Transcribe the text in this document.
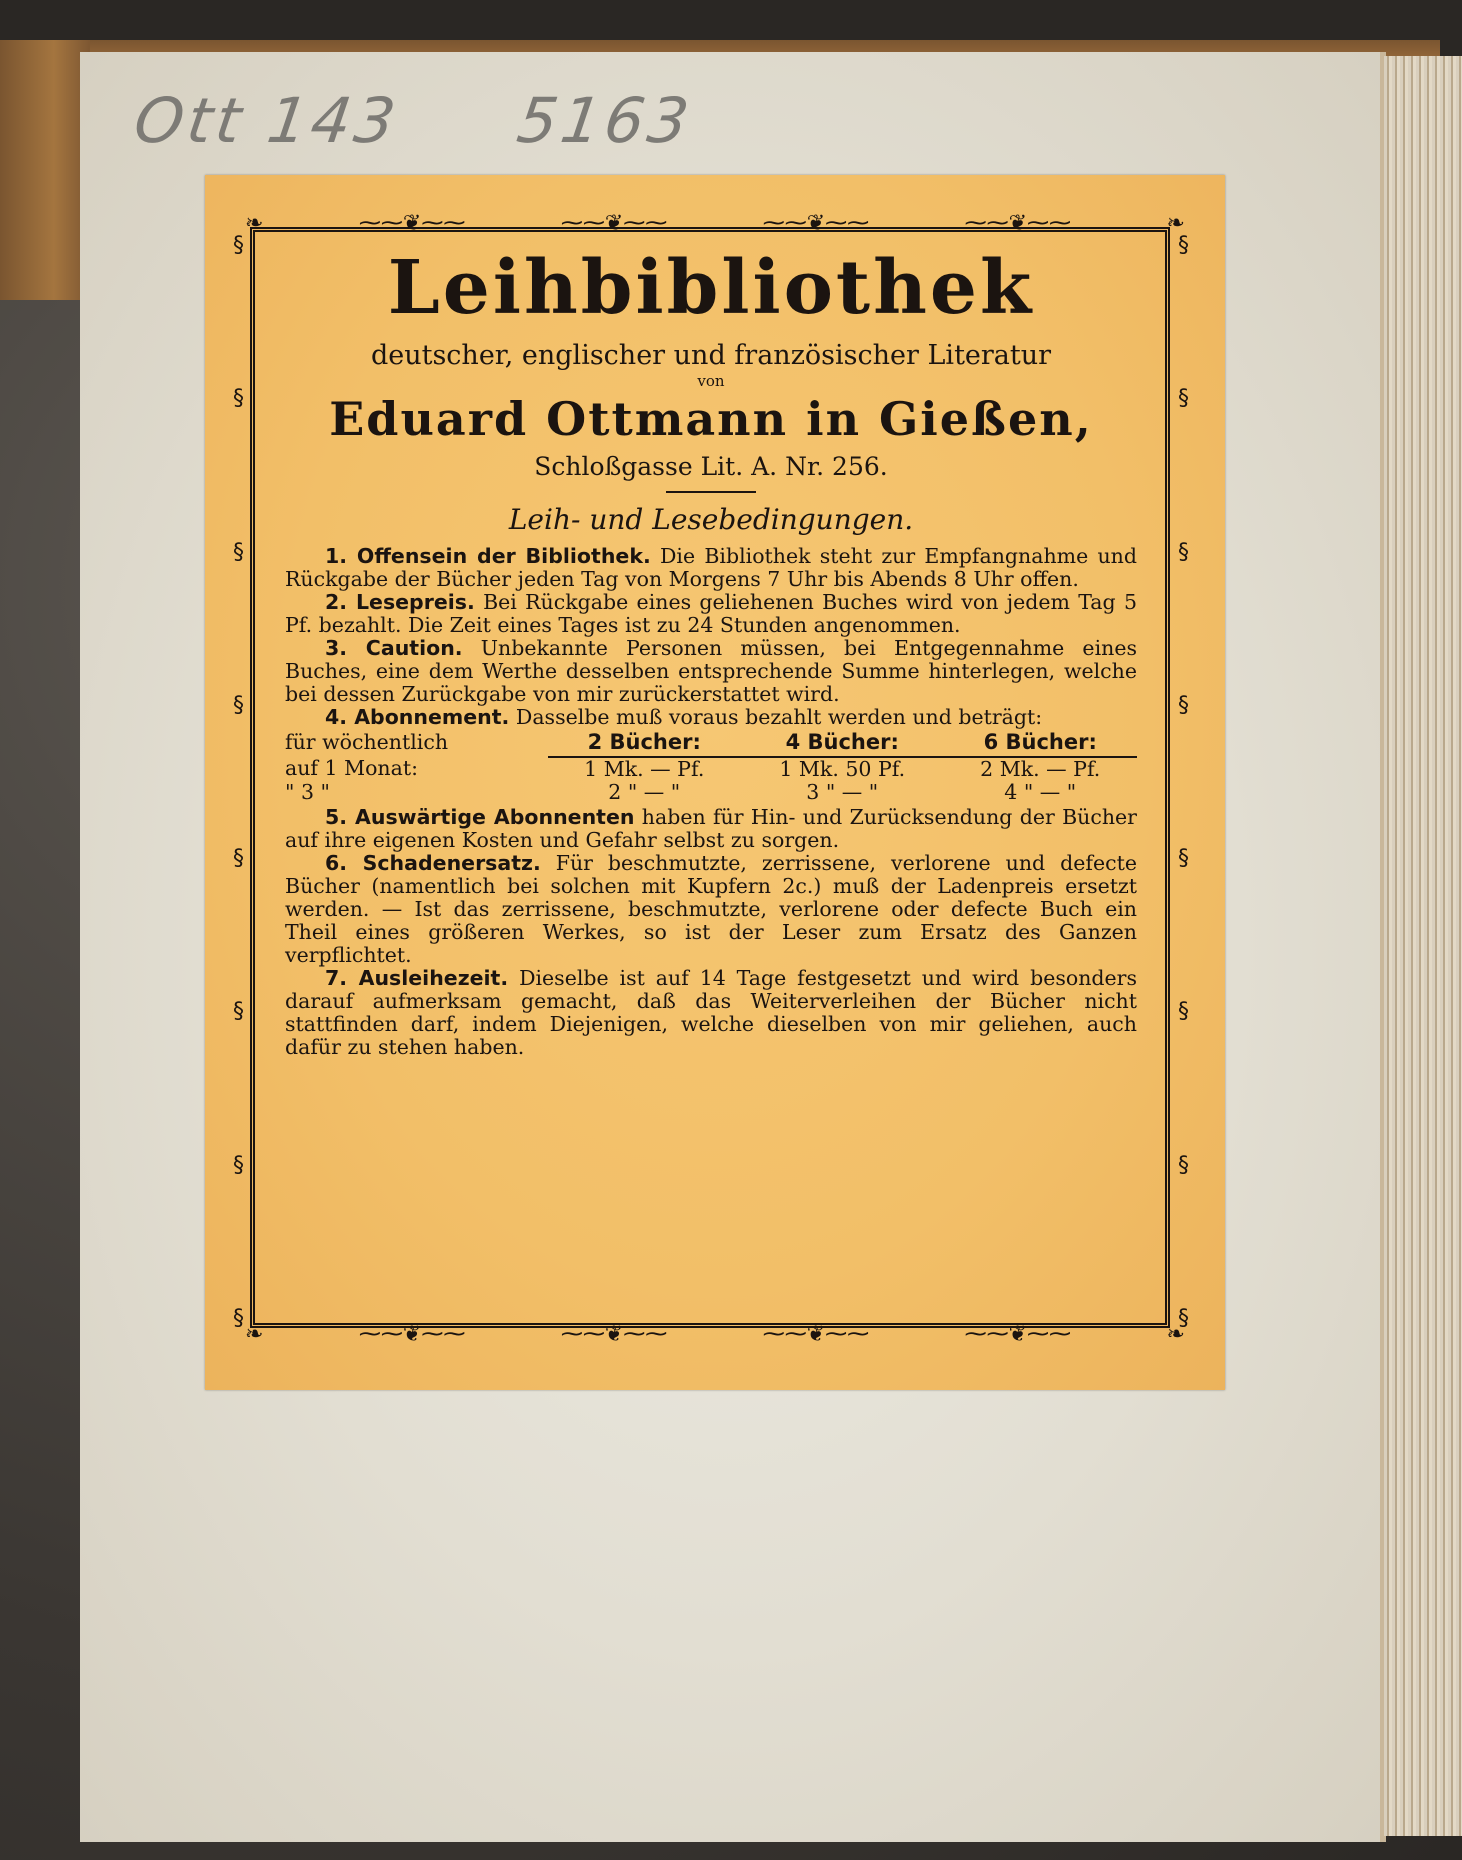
Ott 143 5163
❧	⁓⁓❦⁓⁓	⁓⁓❦⁓⁓	⁓⁓❦⁓⁓	⁓⁓❦⁓⁓	❧
❧	⁓⁓❦⁓⁓	⁓⁓❦⁓⁓	⁓⁓❦⁓⁓	⁓⁓❦⁓⁓	❧
§
§
§
§
§
§
§
§
§
§
§
§
§
§
§
§
Leihbibliothek

deutscher, englischer und französischer Literatur

von

Eduard Ottmann in Gießen,

Schloßgasse Lit. A. Nr. 256.

Leih- und Lesebedingungen.

1. Offensein der Bibliothek. Die Bibliothek steht zur Empfangnahme und Rückgabe der Bücher jeden Tag von Morgens 7 Uhr bis Abends 8 Uhr offen.

2. Lesepreis. Bei Rückgabe eines geliehenen Buches wird von jedem Tag 5 Pf. bezahlt. Die Zeit eines Tages ist zu 24 Stunden angenommen.

3. Caution. Unbekannte Personen müssen, bei Entgegennahme eines Buches, eine dem Werthe desselben entsprechende Summe hinterlegen, welche bei dessen Zurückgabe von mir zurückerstattet wird.

4. Abonnement. Dasselbe muß voraus bezahlt werden und beträgt:

für wöchentlich	2 Bücher:	4 Bücher:	6 Bücher:
auf 1 Monat:	1 Mk. — Pf.	1 Mk. 50 Pf.	2 Mk. — Pf.
" 3 "	2 " — "	3 " — "	4 " — "

5. Auswärtige Abonnenten haben für Hin- und Zurücksendung der Bücher auf ihre eigenen Kosten und Gefahr selbst zu sorgen.

6. Schadenersatz. Für beschmutzte, zerrissene, verlorene und defecte Bücher (namentlich bei solchen mit Kupfern 2c.) muß der Ladenpreis ersetzt werden. — Ist das zerrissene, beschmutzte, verlorene oder defecte Buch ein Theil eines größeren Werkes, so ist der Leser zum Ersatz des Ganzen verpflichtet.

7. Ausleihezeit. Dieselbe ist auf 14 Tage festgesetzt und wird besonders darauf aufmerksam gemacht, daß das Weiterverleihen der Bücher nicht stattfinden darf, indem Diejenigen, welche dieselben von mir geliehen, auch dafür zu stehen haben.
